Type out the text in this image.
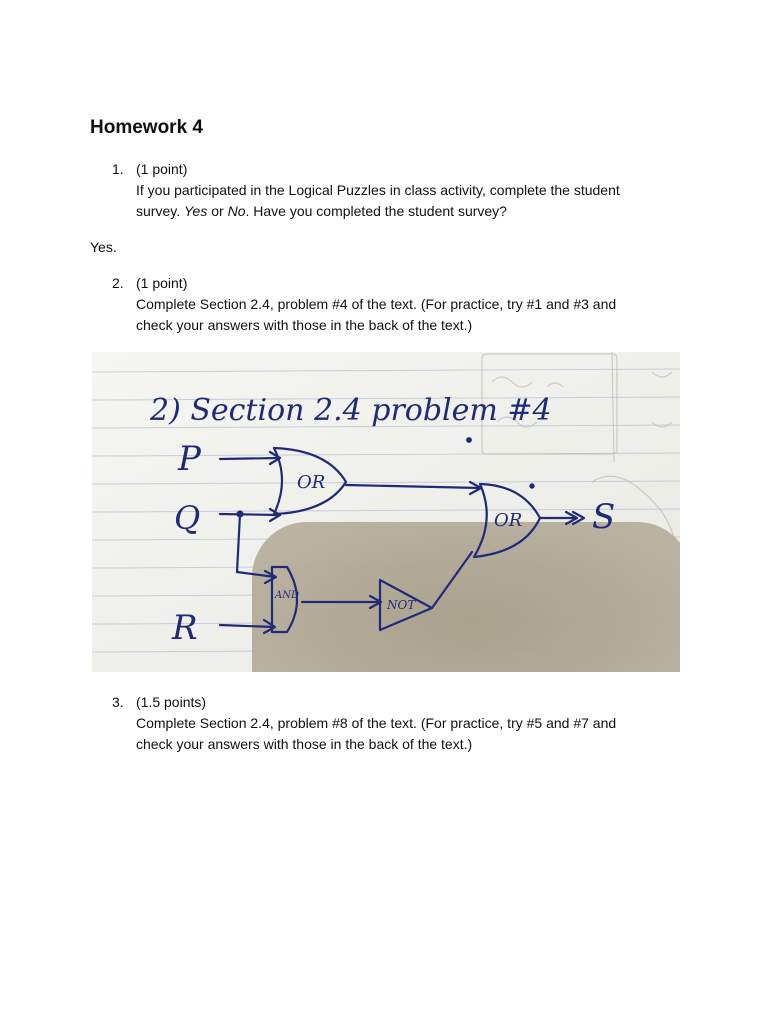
Homework 4
1. (1 point)
If you participated in the Logical Puzzles in class activity, complete the student
survey. Yes or No. Have you completed the student survey?
Yes.
2. (1 point)
Complete Section 2.4, problem #4 of the text. (For practice, try #1 and #3 and
check your answers with those in the back of the text.)
2) Section 2.4 problem #4
P
Q
R
OR
OR
AND
NOT
S
3. (1.5 points)
Complete Section 2.4, problem #8 of the text. (For practice, try #5 and #7 and
check your answers with those in the back of the text.)
